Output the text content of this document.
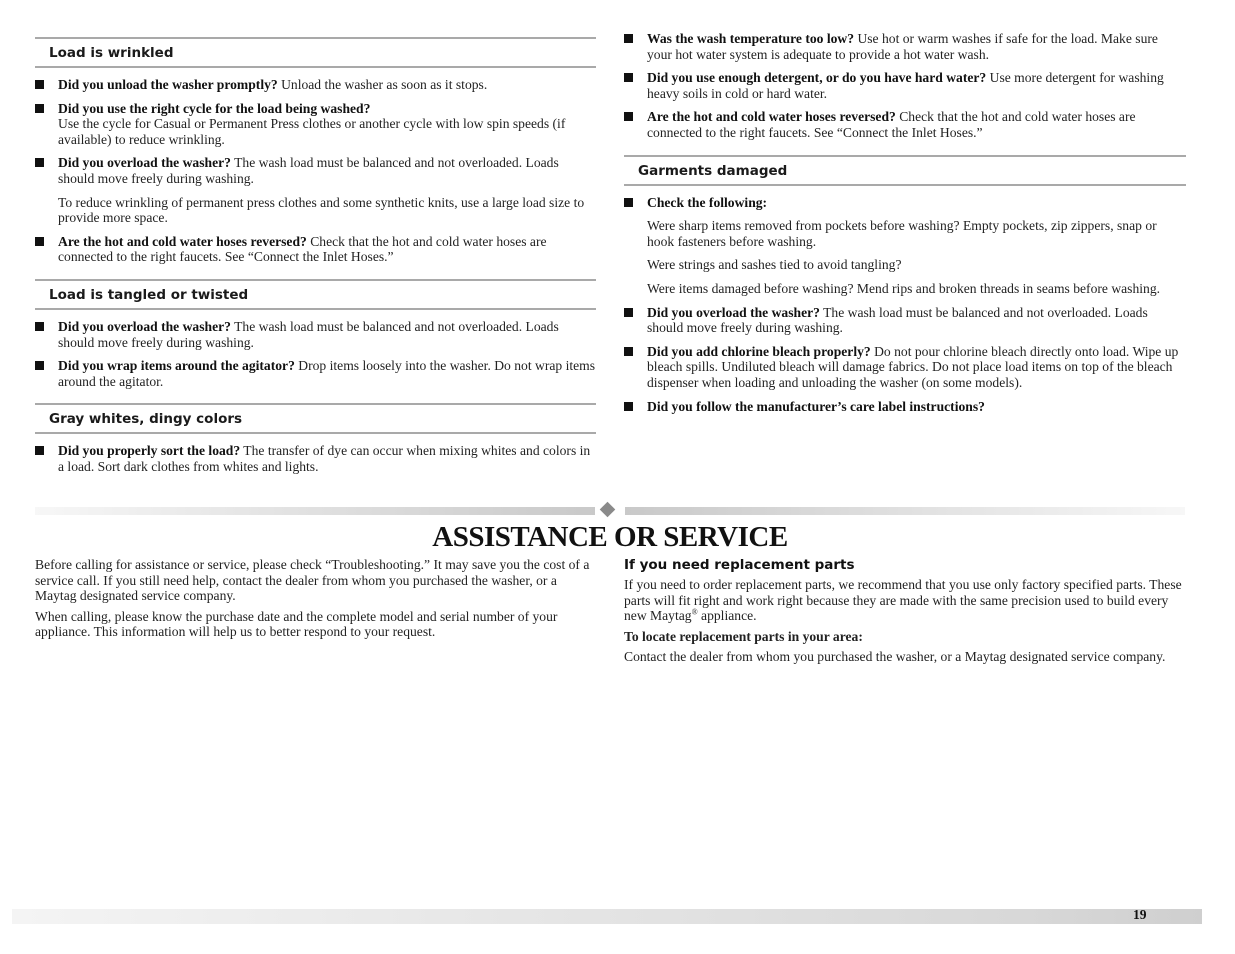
Load is wrinkled
Did you unload the washer promptly? Unload the washer as soon as it stops.
Did you use the right cycle for the load being washed?
Use the cycle for Casual or Permanent Press clothes or another cycle with low spin speeds (if available) to reduce wrinkling.
Did you overload the washer? The wash load must be balanced and not overloaded. Loads should move freely during washing.
To reduce wrinkling of permanent press clothes and some synthetic knits, use a large load size to provide more space.
Are the hot and cold water hoses reversed? Check that the hot and cold water hoses are connected to the right faucets. See “Connect the Inlet Hoses.”
Load is tangled or twisted
Did you overload the washer? The wash load must be balanced and not overloaded. Loads should move freely during washing.
Did you wrap items around the agitator? Drop items loosely into the washer. Do not wrap items around the agitator.
Gray whites, dingy colors
Did you properly sort the load? The transfer of dye can occur when mixing whites and colors in a load. Sort dark clothes from whites and lights.
Was the wash temperature too low? Use hot or warm washes if safe for the load. Make sure your hot water system is adequate to provide a hot water wash.
Did you use enough detergent, or do you have hard water? Use more detergent for washing heavy soils in cold or hard water.
Are the hot and cold water hoses reversed? Check that the hot and cold water hoses are connected to the right faucets. See “Connect the Inlet Hoses.”
Garments damaged
Check the following:
Were sharp items removed from pockets before washing? Empty pockets, zip zippers, snap or hook fasteners before washing.
Were strings and sashes tied to avoid tangling?
Were items damaged before washing? Mend rips and broken threads in seams before washing.
Did you overload the washer? The wash load must be balanced and not overloaded. Loads should move freely during washing.
Did you add chlorine bleach properly? Do not pour chlorine bleach directly onto load. Wipe up bleach spills. Undiluted bleach will damage fabrics. Do not place load items on top of the bleach dispenser when loading and unloading the washer (on some models).
Did you follow the manufacturer’s care label instructions?
ASSISTANCE OR SERVICE

Before calling for assistance or service, please check “Troubleshooting.” It may save you the cost of a service call. If you still need help, contact the dealer from whom you purchased the washer, or a Maytag designated service company.

When calling, please know the purchase date and the complete model and serial number of your appliance. This information will help us to better respond to your request.

If you need replacement parts

If you need to order replacement parts, we recommend that you use only factory specified parts. These parts will fit right and work right because they are made with the same precision used to build every new Maytag® appliance.

To locate replacement parts in your area:

Contact the dealer from whom you purchased the washer, or a Maytag designated service company.

19
